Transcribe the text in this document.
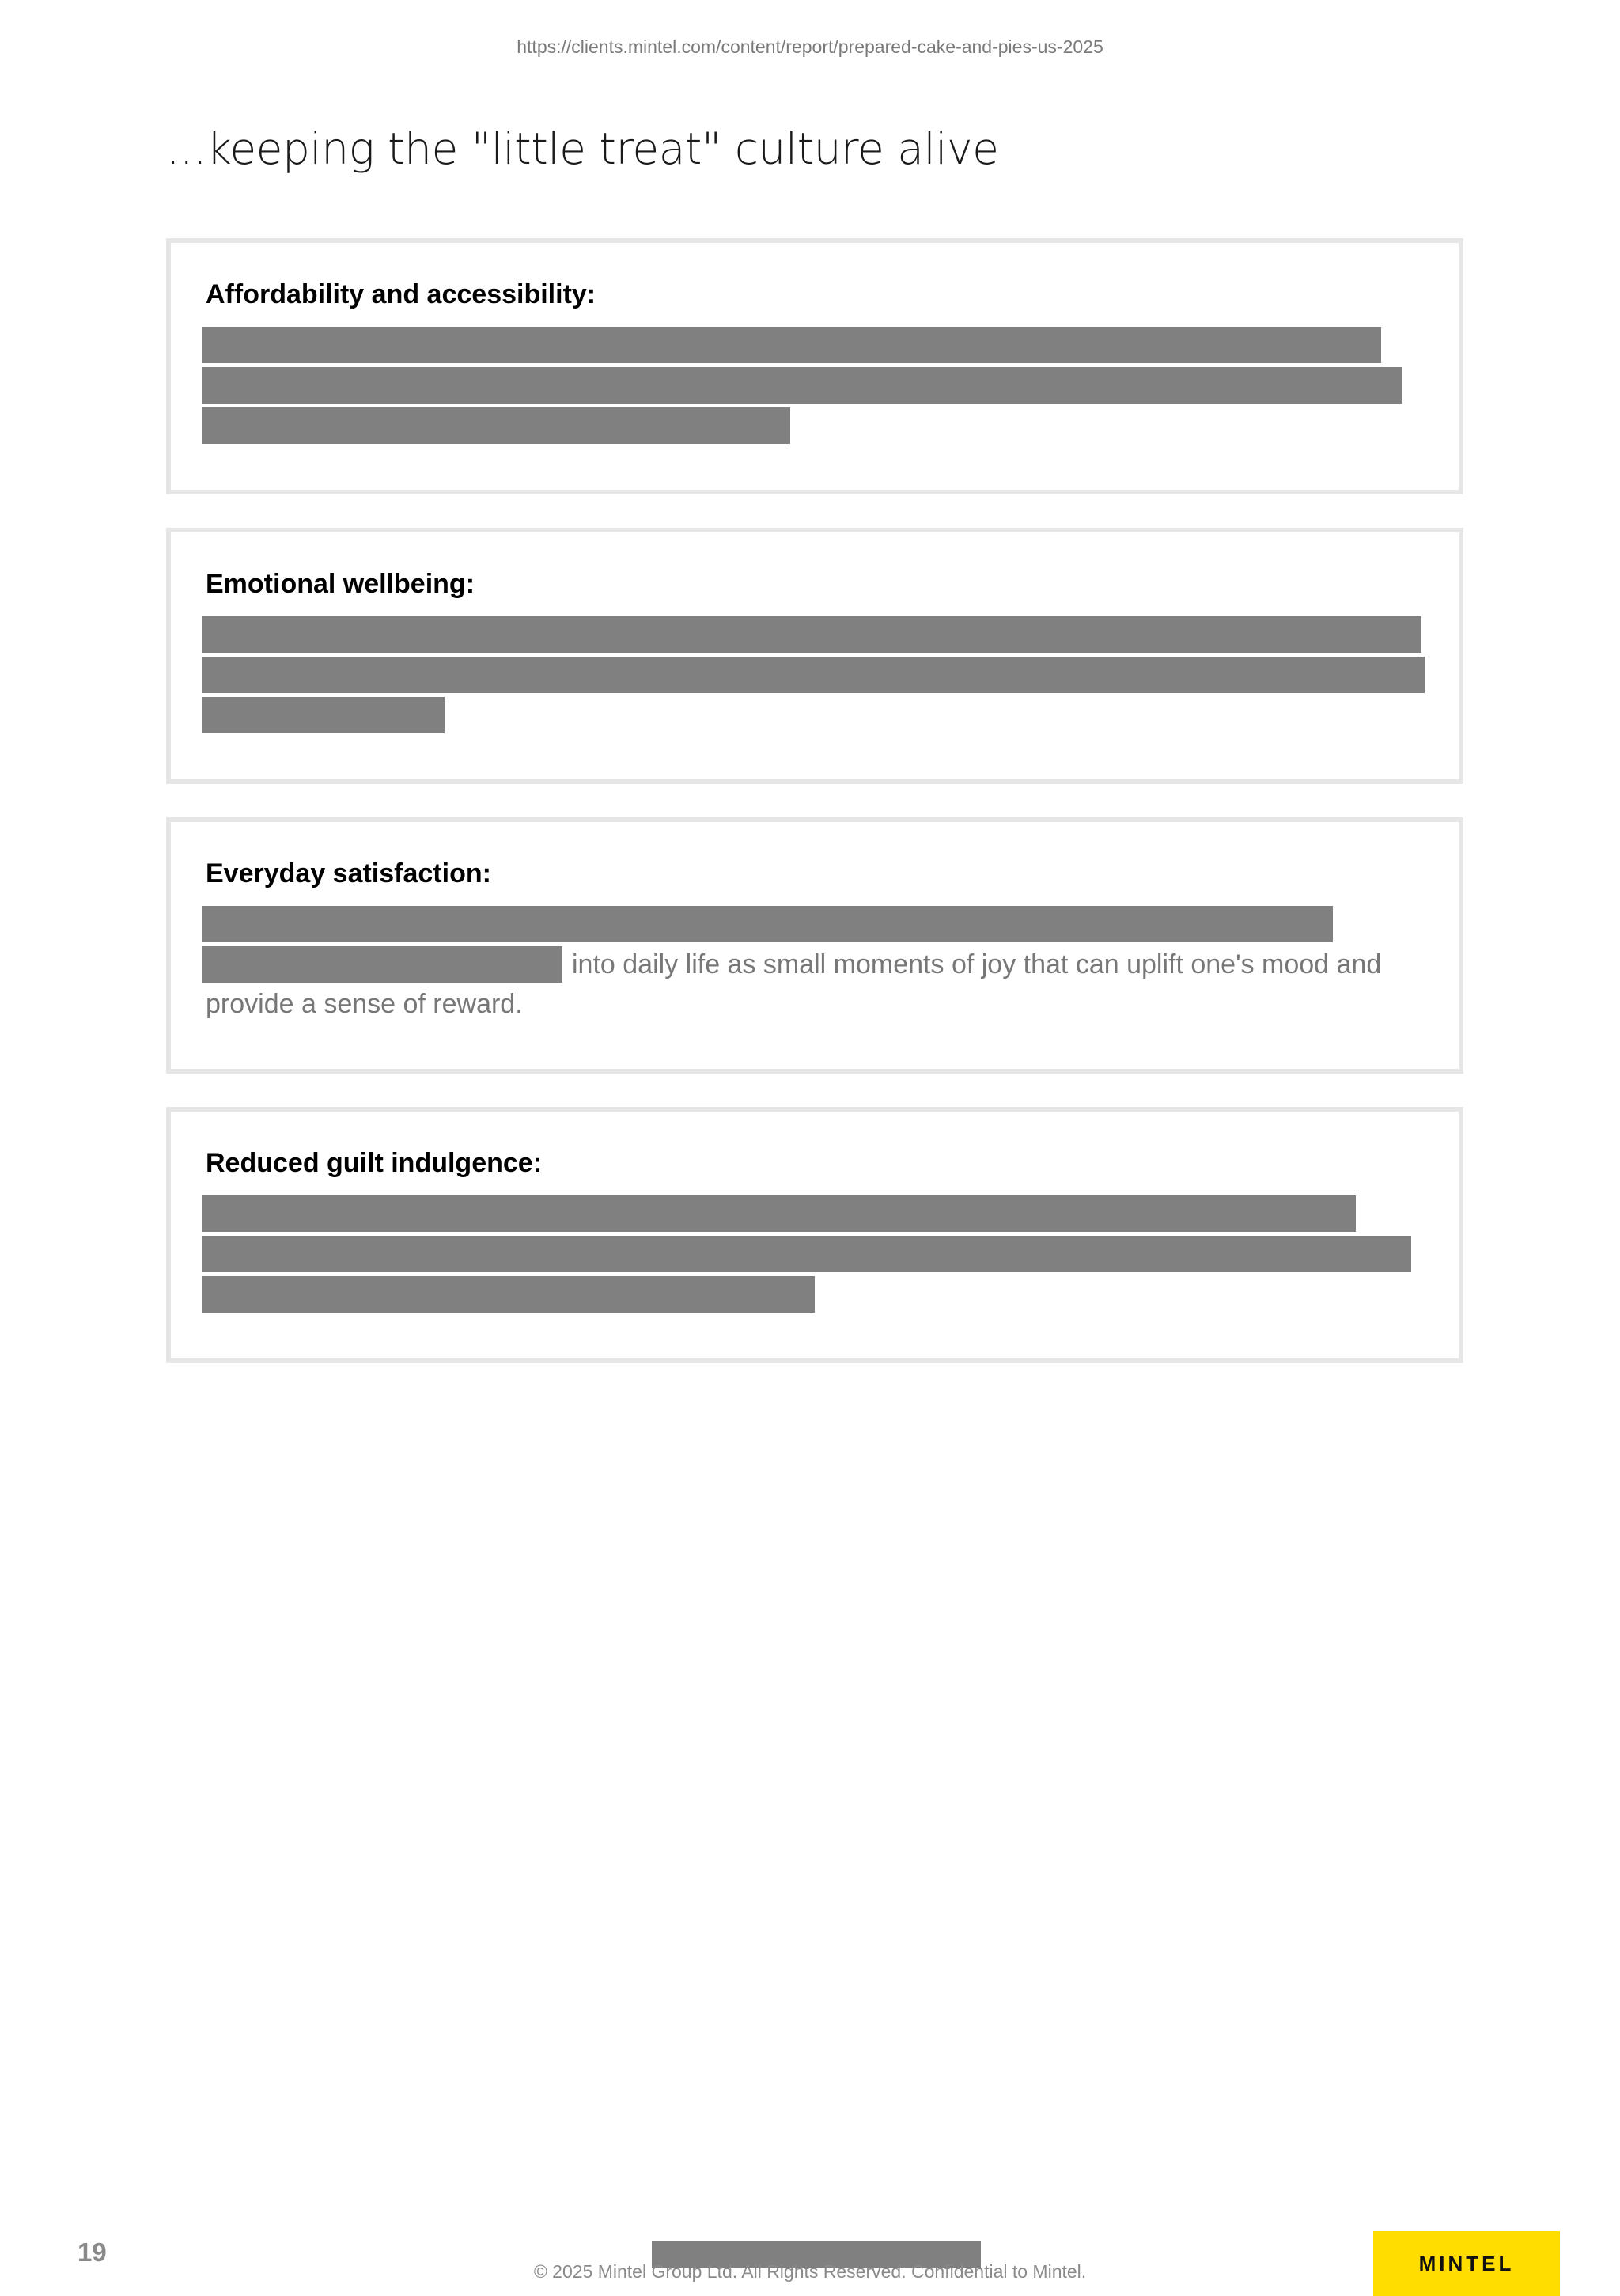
https://clients.mintel.com/content/report/prepared-cake-and-pies-us-2025
...keeping the "little treat" culture alive
Affordability and accessibility:
Emotional wellbeing:
Everyday satisfaction:

into daily life as small moments of joy that can uplift one's mood and provide a sense of reward.

Reduced guilt indulgence:
19
© 2025 Mintel Group Ltd. All Rights Reserved. Confidential to Mintel.	MINTEL
